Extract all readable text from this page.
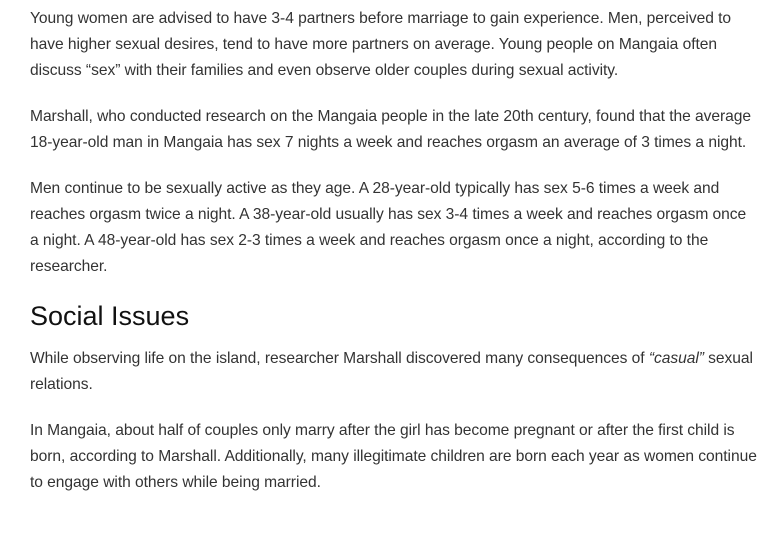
Young women are advised to have 3-4 partners before marriage to gain experience. Men, perceived to have higher sexual desires, tend to have more partners on average. Young people on Mangaia often discuss “sex” with their families and even observe older couples during sexual activity.

Marshall, who conducted research on the Mangaia people in the late 20th century, found that the average 18-year-old man in Mangaia has sex 7 nights a week and reaches orgasm an average of 3 times a night.

Men continue to be sexually active as they age. A 28-year-old typically has sex 5-6 times a week and reaches orgasm twice a night. A 38-year-old usually has sex 3-4 times a week and reaches orgasm once a night. A 48-year-old has sex 2-3 times a week and reaches orgasm once a night, according to the researcher.

Social Issues

While observing life on the island, researcher Marshall discovered many consequences of “casual” sexual relations.

In Mangaia, about half of couples only marry after the girl has become pregnant or after the first child is born, according to Marshall. Additionally, many illegitimate children are born each year as women continue to engage with others while being married.
